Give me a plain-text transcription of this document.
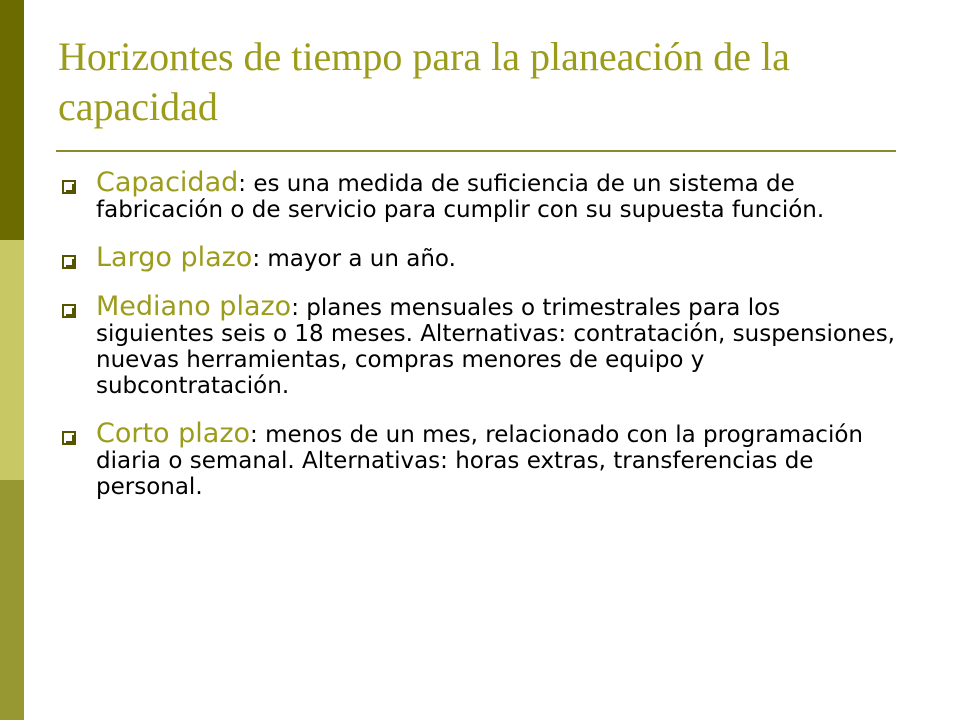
Horizontes de tiempo para la planeación de la capacidad
Capacidad: es una medida de suficiencia de un sistema de fabricación o de servicio para cumplir con su supuesta función.
Largo plazo: mayor a un año.
Mediano plazo: planes mensuales o trimestrales para los siguientes seis o 18 meses. Alternativas: contratación, suspensiones, nuevas herramientas, compras menores de equipo y subcontratación.
Corto plazo: menos de un mes, relacionado con la programación diaria o semanal. Alternativas: horas extras, transferencias de personal.
